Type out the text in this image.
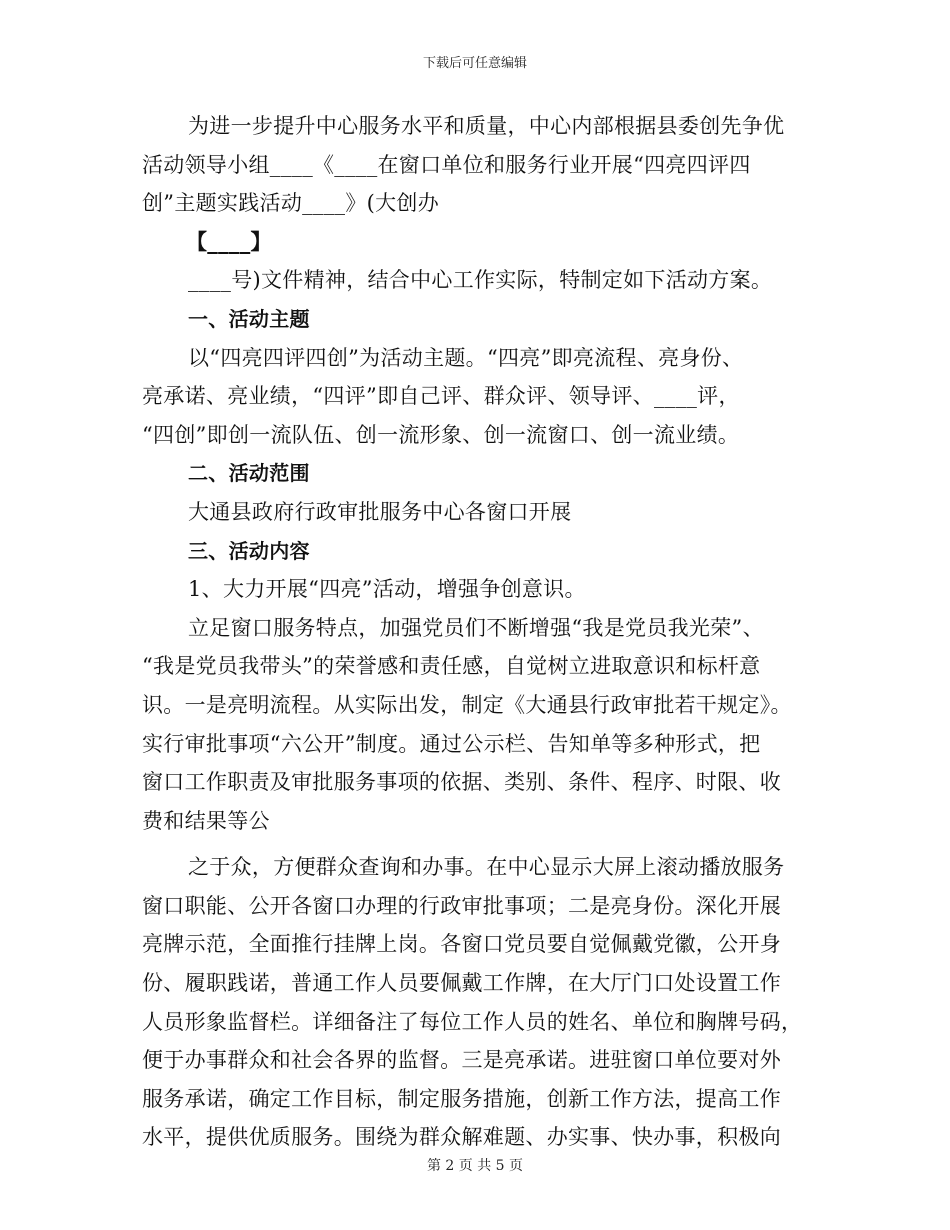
下载后可任意编辑
为进一步提升中心服务水平和质量，中心内部根据县委创先争优
活动领导小组____《____在窗口单位和服务行业开展“四亮四评四
创”主题实践活动____》(大创办
【____】
____号)文件精神，结合中心工作实际，特制定如下活动方案。
一、活动主题
以“四亮四评四创”为活动主题。“四亮”即亮流程、亮身份、
亮承诺、亮业绩，“四评”即自己评、群众评、领导评、____评，
“四创”即创一流队伍、创一流形象、创一流窗口、创一流业绩。
二、活动范围
大通县政府行政审批服务中心各窗口开展
三、活动内容
1、大力开展“四亮”活动，增强争创意识。
立足窗口服务特点，加强党员们不断增强“我是党员我光荣”、
“我是党员我带头”的荣誉感和责任感，自觉树立进取意识和标杆意
识。一是亮明流程。从实际出发，制定《大通县行政审批若干规定》。
实行审批事项“六公开”制度。通过公示栏、告知单等多种形式，把
窗口工作职责及审批服务事项的依据、类别、条件、程序、时限、收
费和结果等公
之于众，方便群众查询和办事。在中心显示大屏上滚动播放服务
窗口职能、公开各窗口办理的行政审批事项；二是亮身份。深化开展
亮牌示范，全面推行挂牌上岗。各窗口党员要自觉佩戴党徽，公开身
份、履职践诺，普通工作人员要佩戴工作牌，在大厅门口处设置工作
人员形象监督栏。详细备注了每位工作人员的姓名、单位和胸牌号码，
便于办事群众和社会各界的监督。三是亮承诺。进驻窗口单位要对外
服务承诺，确定工作目标，制定服务措施，创新工作方法，提高工作
水平，提供优质服务。围绕为群众解难题、办实事、快办事，积极向
第 2 页 共 5 页
